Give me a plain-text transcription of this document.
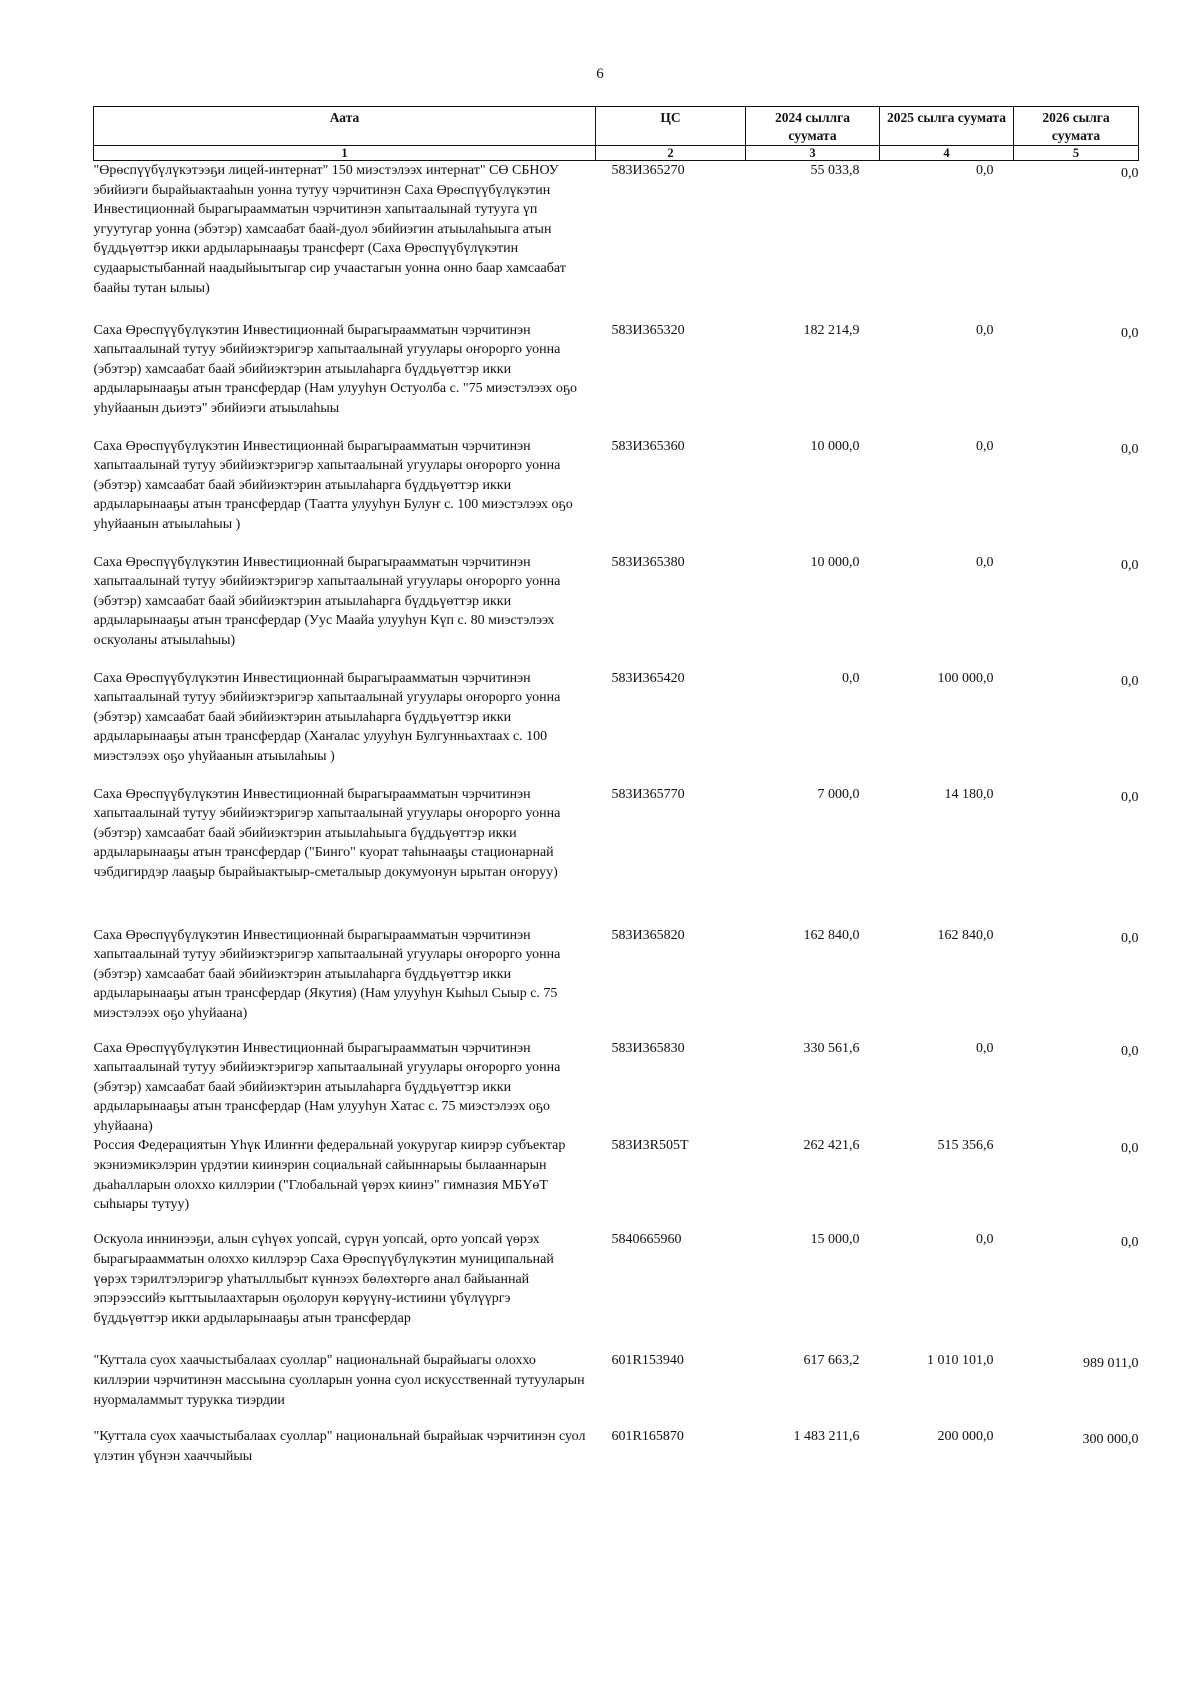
6
Аата	ЦС	2024 сыллга суумата	2025 сылга суумата	2026 сылга суумата
1	2	3	4	5
"Өрөспүүбүлүкэтээҕи лицей-интернат" 150 миэстэлээх интернат" СӨ СБНОУ эбийиэги бырайыактааһын уонна тутуу чэрчитинэн Саха Өрөспүүбүлүкэтин Инвестиционнай бырагыраамматын чэрчитинэн хапытаалынай тутууга үп угуутугар уонна (эбэтэр) хамсаабат баай-дуол эбийиэгин атыылаһыыга атын бүддьүөттэр икки ардыларынааҕы трансферт (Саха Өрөспүүбүлүкэтин судаарыстыбаннай наадыйыытыгар сир учаастагын уонна онно баар хамсаабат баайы тутан ылыы)	583И365270	55 033,8	0,0	0,0
Саха Өрөспүүбүлүкэтин Инвестиционнай бырагыраамматын чэрчитинэн хапытаалынай тутуу эбийиэктэригэр хапытаалынай угуулары оҥорорго уонна (эбэтэр) хамсаабат баай эбийиэктэрин атыылаһарга бүддьүөттэр икки ардыларынааҕы атын трансфердар (Нам улууһун Остуолба с. "75 миэстэлээх оҕо уһуйаанын дьиэтэ" эбийиэги атыылаһыы	583И365320	182 214,9	0,0	0,0
Саха Өрөспүүбүлүкэтин Инвестиционнай бырагыраамматын чэрчитинэн хапытаалынай тутуу эбийиэктэригэр хапытаалынай угуулары оҥорорго уонна (эбэтэр) хамсаабат баай эбийиэктэрин атыылаһарга бүддьүөттэр икки ардыларынааҕы атын трансфердар (Таатта улууһун Булуҥ с. 100 миэстэлээх оҕо уһуйаанын атыылаһыы )	583И365360	10 000,0	0,0	0,0
Саха Өрөспүүбүлүкэтин Инвестиционнай бырагыраамматын чэрчитинэн хапытаалынай тутуу эбийиэктэригэр хапытаалынай угуулары оҥорорго уонна (эбэтэр) хамсаабат баай эбийиэктэрин атыылаһарга бүддьүөттэр икки ардыларынааҕы атын трансфердар (Уус Маайа улууһун Күп с. 80 миэстэлээх оскуоланы атыылаһыы)	583И365380	10 000,0	0,0	0,0
Саха Өрөспүүбүлүкэтин Инвестиционнай бырагыраамматын чэрчитинэн хапытаалынай тутуу эбийиэктэригэр хапытаалынай угуулары оҥорорго уонна (эбэтэр) хамсаабат баай эбийиэктэрин атыылаһарга бүддьүөттэр икки ардыларынааҕы атын трансфердар (Хаҥалас улууһун Булгунньахтаах с. 100 миэстэлээх оҕо уһуйаанын атыылаһыы )	583И365420	0,0	100 000,0	0,0
Саха Өрөспүүбүлүкэтин Инвестиционнай бырагыраамматын чэрчитинэн хапытаалынай тутуу эбийиэктэригэр хапытаалынай угуулары оҥорорго уонна (эбэтэр) хамсаабат баай эбийиэктэрин атыылаһыыга бүддьүөттэр икки ардыларынааҕы атын трансфердар ("Бинго" куорат таһынааҕы стационарнай чэбдигирдэр лааҕыр бырайыактыыр-сметалыыр докумуонун ырытан оҥоруу)	583И365770	7 000,0	14 180,0	0,0
Саха Өрөспүүбүлүкэтин Инвестиционнай бырагыраамматын чэрчитинэн хапытаалынай тутуу эбийиэктэригэр хапытаалынай угуулары оҥорорго уонна (эбэтэр) хамсаабат баай эбийиэктэрин атыылаһарга бүддьүөттэр икки ардыларынааҕы атын трансфердар (Якутия) (Нам улууһун Кыһыл Сыыр с. 75 миэстэлээх оҕо уһуйаана)	583И365820	162 840,0	162 840,0	0,0
Саха Өрөспүүбүлүкэтин Инвестиционнай бырагыраамматын чэрчитинэн хапытаалынай тутуу эбийиэктэригэр хапытаалынай угуулары оҥорорго уонна (эбэтэр) хамсаабат баай эбийиэктэрин атыылаһарга бүддьүөттэр икки ардыларынааҕы атын трансфердар (Нам улууһун Хатас с. 75 миэстэлээх оҕо уһуйаана)	583И365830	330 561,6	0,0	0,0
Россия Федерациятын Үһүк Илиҥҥи федеральнай уокуругар киирэр субъектар экэниэмикэлэрин үрдэтии киинэрин социальнай сайыннарыы былааннарын дьаһалларын олоххо киллэрии ("Глобальнай үөрэх киинэ" гимназия МБҮөТ сыһыары тутуу)	583И3R505Т	262 421,6	515 356,6	0,0
Оскуола иннинээҕи, алын сүһүөх уопсай, сүрүн уопсай, орто уопсай үөрэх бырагыраамматын олоххо киллэрэр Саха Өрөспүүбүлүкэтин муниципальнай үөрэх тэрилтэлэригэр уһатыллыбыт күннээх бөлөхтөргө анал байыаннай эпэрээссийэ кыттыылаахтарын оҕолорун көрүүнү-истиини үбүлүүргэ бүддьүөттэр икки ардыларынааҕы атын трансфердар	5840665960	15 000,0	0,0	0,0
"Куттала суох хаачыстыбалаах суоллар" национальнай бырайыагы олоххо киллэрии чэрчитинэн массыына суолларын уонна суол искусственнай тутууларын нуормаламмыт турукка тиэрдии	601R153940	617 663,2	1 010 101,0	989 011,0
"Куттала суох хаачыстыбалаах суоллар" национальнай бырайыак чэрчитинэн суол үлэтин үбүнэн хааччыйыы	601R165870	1 483 211,6	200 000,0	300 000,0
